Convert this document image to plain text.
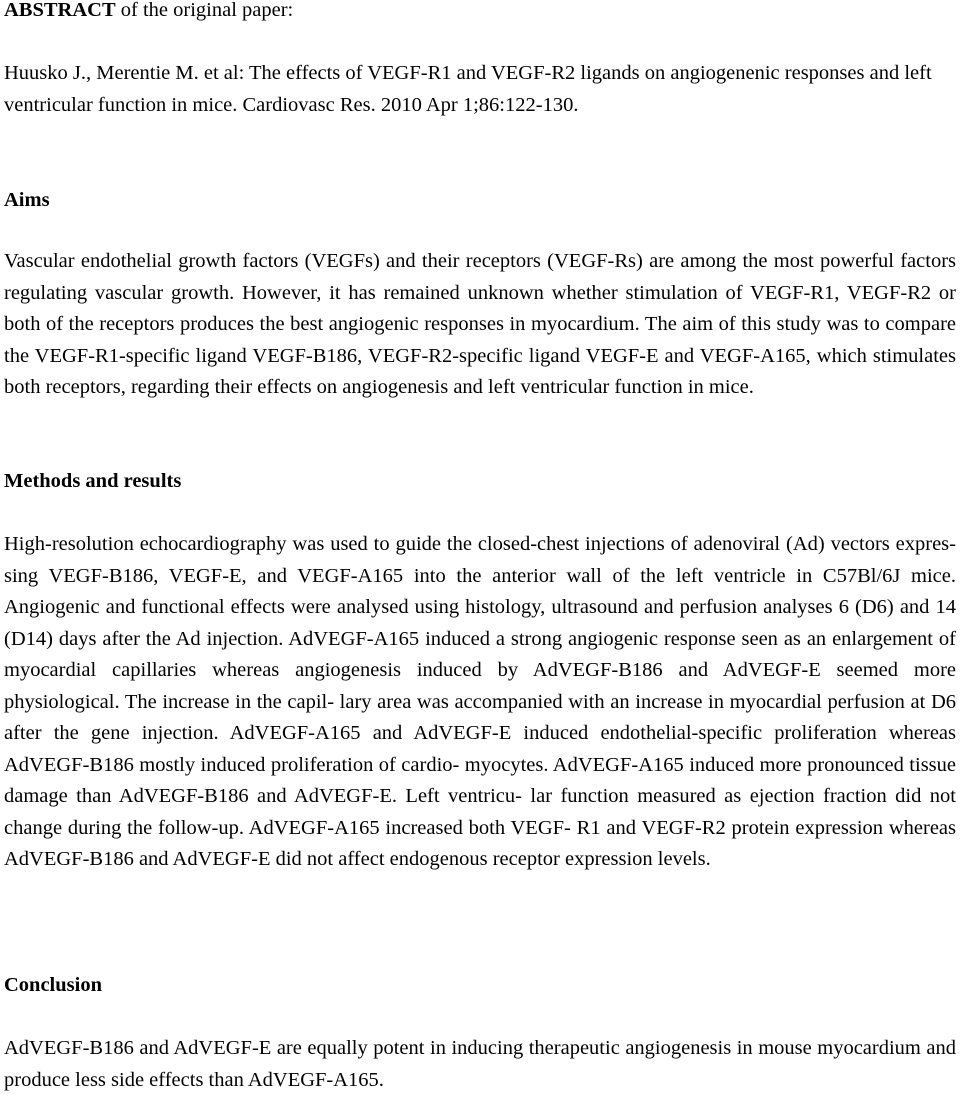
ABSTRACT of the original paper:

Huusko J., Merentie M. et al: The effects of VEGF-R1 and VEGF-R2 ligands on angiogenenic responses and left ventricular function in mice. Cardiovasc Res. 2010 Apr 1;86:122-130.

Aims

Vascular endothelial growth factors (VEGFs) and their receptors (VEGF-Rs) are among the most powerful factors regulating vascular growth. However, it has remained unknown whether stimulation of VEGF-R1, VEGF-R2 or both of the receptors produces the best angiogenic responses in myocardium. The aim of this study was to compare the VEGF-R1-specific ligand VEGF-B186, VEGF-R2-specific ligand VEGF-E and VEGF-A165, which stimulates both receptors, regarding their effects on angiogenesis and left ventricular function in mice.

Methods and results

High-resolution echocardiography was used to guide the closed-chest injections of adenoviral (Ad) vectors expres- sing VEGF-B186, VEGF-E, and VEGF-A165 into the anterior wall of the left ventricle in C57Bl/6J mice. Angiogenic and functional effects were analysed using histology, ultrasound and perfusion analyses 6 (D6) and 14 (D14) days after the Ad injection. AdVEGF-A165 induced a strong angiogenic response seen as an enlargement of myocardial capillaries whereas angiogenesis induced by AdVEGF-B186 and AdVEGF-E seemed more physiological. The increase in the capil- lary area was accompanied with an increase in myocardial perfusion at D6 after the gene injection. AdVEGF-A165 and AdVEGF-E induced endothelial-specific proliferation whereas AdVEGF-B186 mostly induced proliferation of cardio- myocytes. AdVEGF-A165 induced more pronounced tissue damage than AdVEGF-B186 and AdVEGF-E. Left ventricu- lar function measured as ejection fraction did not change during the follow-up. AdVEGF-A165 increased both VEGF- R1 and VEGF-R2 protein expression whereas AdVEGF-B186 and AdVEGF-E did not affect endogenous receptor expression levels.

Conclusion

AdVEGF-B186 and AdVEGF-E are equally potent in inducing therapeutic angiogenesis in mouse myocardium and produce less side effects than AdVEGF-A165.
